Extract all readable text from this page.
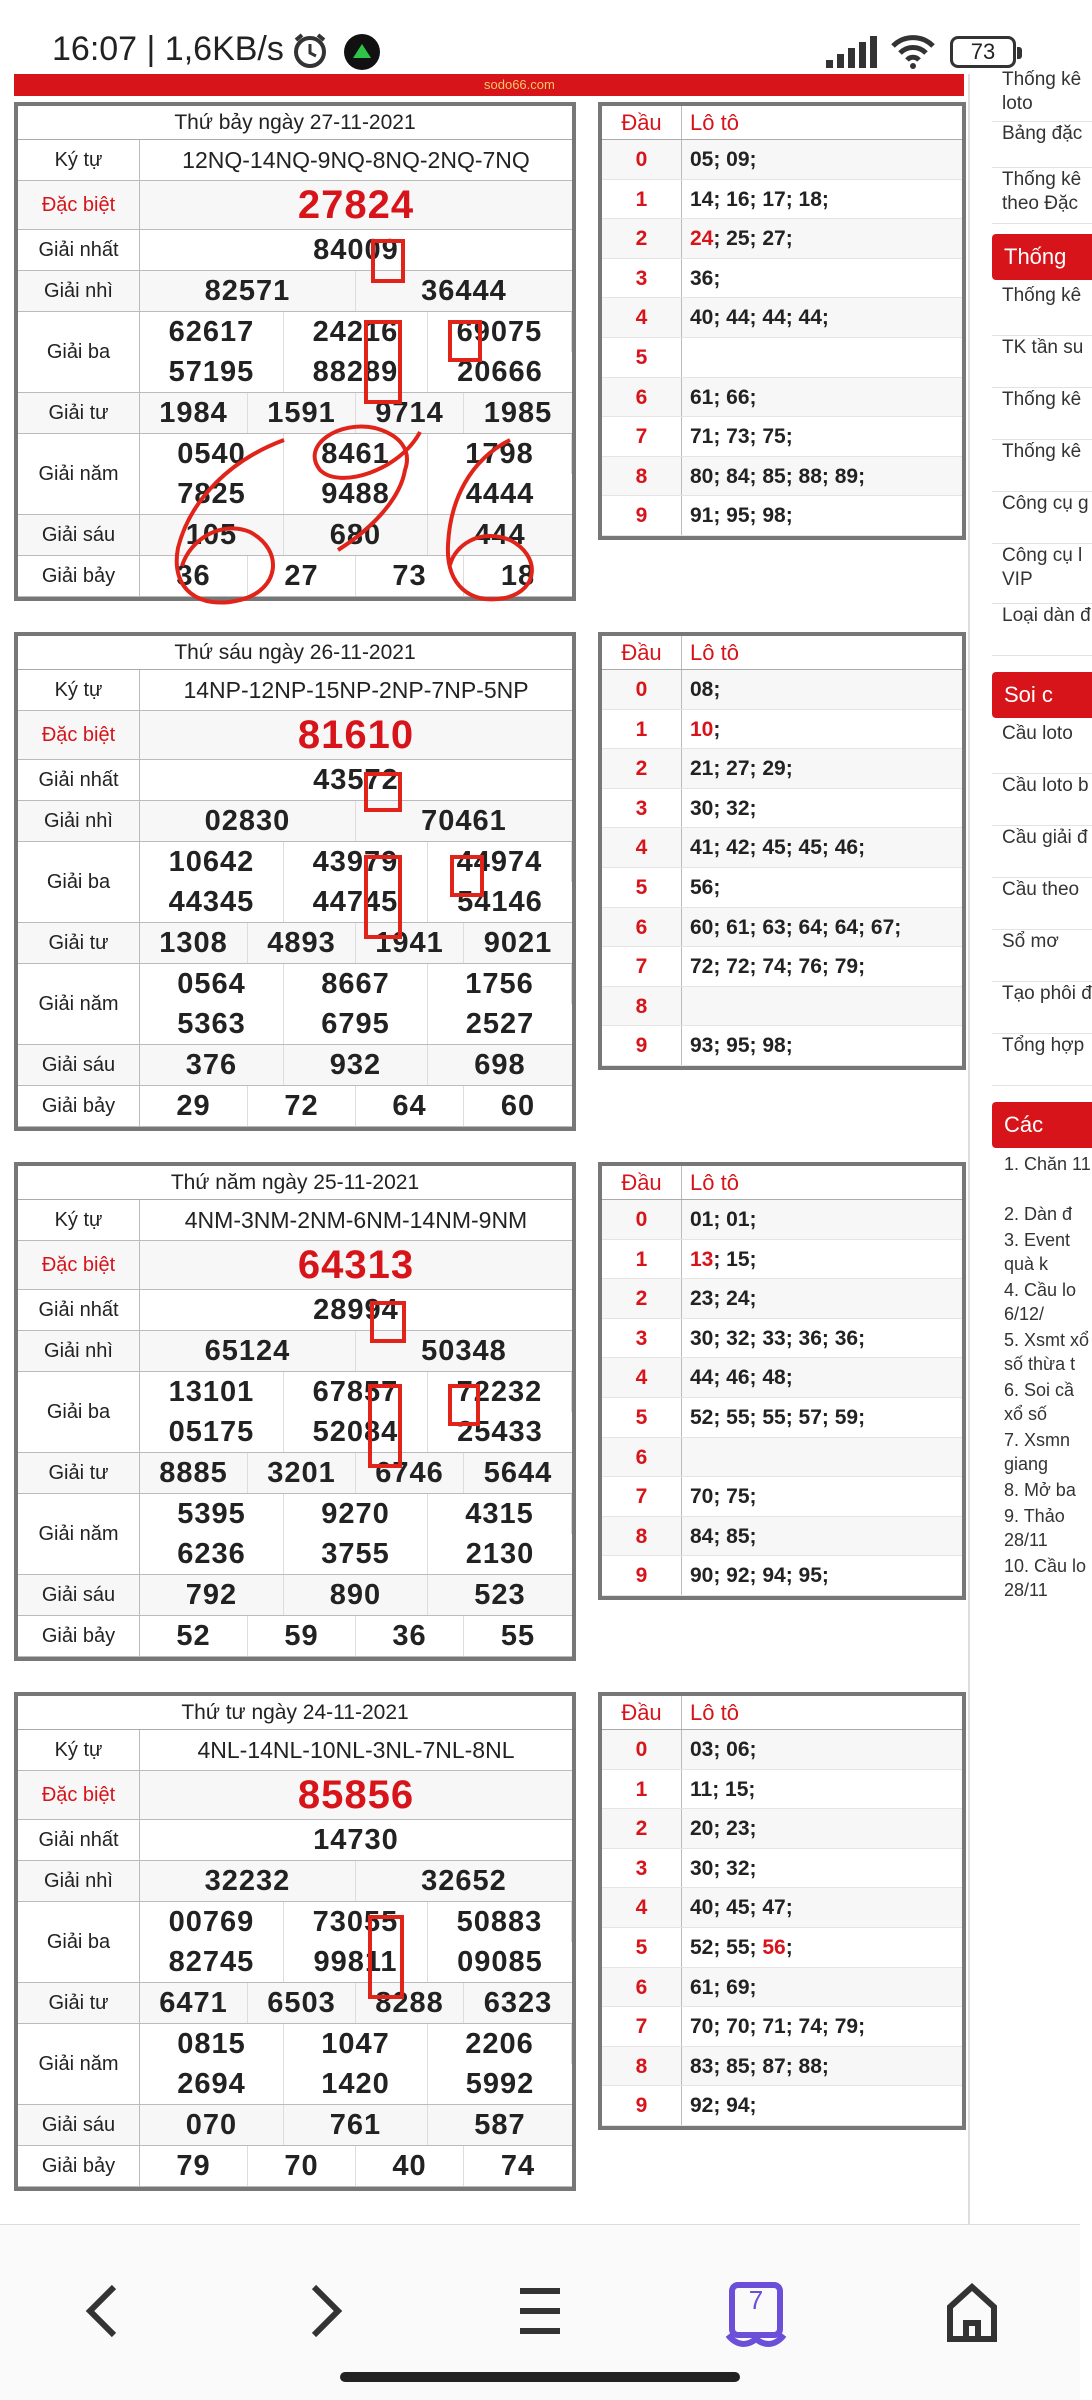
16:07 | 1,6KB/s	73
sodo66.com	Thống kê loto
Bảng đặc
Thống kê theo Đặc
Thống
Thống kê
TK tần su
Thống kê
Thống kê
Công cụ g
Công cụ l VIP
Loại dàn đ
Soi c
Cầu loto
Cầu loto b
Cầu giải đ
Cầu theo
Sổ mơ
Tạo phôi đ
Tổng hợp
Các
1. Chăn 11
2. Dàn đ
3. Event quà k
4. Cầu lo 6/12/
5. Xsmt xổ số thừa t
6. Soi cầ xổ số
7. Xsmn giang
8. Mở ba
9. Thảo 28/11
10. Cầu lo 28/11
Thứ bảy ngày 27-11-2021
Ký tự	12NQ-14NQ-9NQ-8NQ-2NQ-7NQ
Đặc biệt	27824
Giải nhất	84009
Giải nhì	82571	36444
Giải ba
62617	24216	69075
57195	88289	20666
Giải tư	1984	1591	9714	1985
Giải năm
0540	8461	1798
7825	9488	4444
Giải sáu	105	680	444
Giải bảy	36	27	73	18
Đầu	Lô tô
0	05; 09;
1	14; 16; 17; 18;
2	24; 25; 27;
3	36;
4	40; 44; 44; 44;
5
6	61; 66;
7	71; 73; 75;
8	80; 84; 85; 88; 89;
9	91; 95; 98;
Thứ sáu ngày 26-11-2021
Ký tự	14NP-12NP-15NP-2NP-7NP-5NP
Đặc biệt	81610
Giải nhất	43572
Giải nhì	02830	70461
Giải ba
10642	43979	44974
44345	44745	54146
Giải tư	1308	4893	1941	9021
Giải năm
0564	8667	1756
5363	6795	2527
Giải sáu	376	932	698
Giải bảy	29	72	64	60
Đầu	Lô tô
0	08;
1	10;
2	21; 27; 29;
3	30; 32;
4	41; 42; 45; 45; 46;
5	56;
6	60; 61; 63; 64; 64; 67;
7	72; 72; 74; 76; 79;
8
9	93; 95; 98;
Thứ năm ngày 25-11-2021
Ký tự	4NM-3NM-2NM-6NM-14NM-9NM
Đặc biệt	64313
Giải nhất	28994
Giải nhì	65124	50348
Giải ba
13101	67857	72232
05175	52084	25433
Giải tư	8885	3201	6746	5644
Giải năm
5395	9270	4315
6236	3755	2130
Giải sáu	792	890	523
Giải bảy	52	59	36	55
Đầu	Lô tô
0	01; 01;
1	13; 15;
2	23; 24;
3	30; 32; 33; 36; 36;
4	44; 46; 48;
5	52; 55; 55; 57; 59;
6
7	70; 75;
8	84; 85;
9	90; 92; 94; 95;
Thứ tư ngày 24-11-2021
Ký tự	4NL-14NL-10NL-3NL-7NL-8NL
Đặc biệt	85856
Giải nhất	14730
Giải nhì	32232	32652
Giải ba
00769	73055	50883
82745	99811	09085
Giải tư	6471	6503	8288	6323
Giải năm
0815	1047	2206
2694	1420	5992
Giải sáu	070	761	587
Giải bảy	79	70	40	74
Đầu	Lô tô
0	03; 06;
1	11; 15;
2	20; 23;
3	30; 32;
4	40; 45; 47;
5	52; 55; 56;
6	61; 69;
7	70; 70; 71; 74; 79;
8	83; 85; 87; 88;
9	92; 94;
7
